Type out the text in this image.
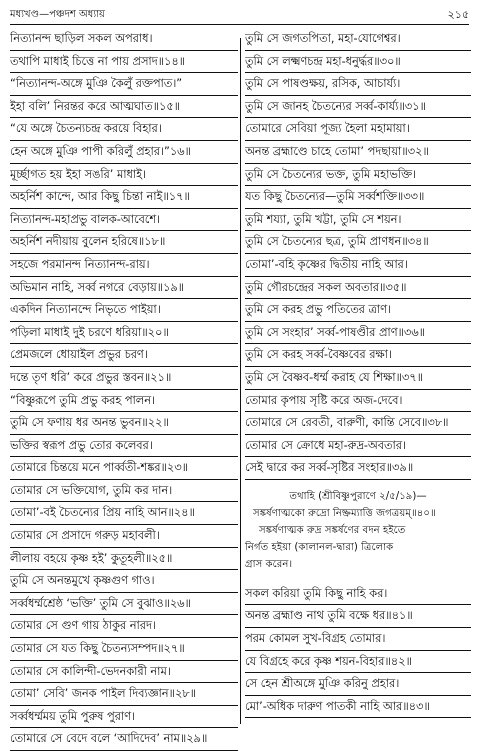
মধ্যখণ্ড—পঞ্চদশ অধ্যায়	২১৫
নিত্যানন্দ ছাড়িল সকল অপরাধ।
তথাপি মাধাই চিত্তে না পায় প্রসাদ॥১৪॥
“নিত্যানন্দ-অঙ্গে মুঞি কৈলুঁ রক্তপাত।”
ইহা বলি’ নিরন্তর করে আত্মঘাত॥১৫॥
“যে অঙ্গে চৈতন্যচন্দ্র করয়ে বিহার।
হেন অঙ্গে মুঞি পাপী করিলুঁ প্রহার।”১৬॥
মূর্চ্ছাগত হয় ইহা সঙরি’ মাধাই।
অহর্নিশ কান্দে, আর কিছু চিন্তা নাই॥১৭॥
নিত্যানন্দ-মহাপ্রভু বালক-আবেশে।
অহর্নিশ নদীয়ায় বুলেন হরিষে॥১৮॥
সহজে পরমানন্দ নিত্যানন্দ-রায়।
অভিমান নাহি, সর্ব্ব নগরে বেড়ায়॥১৯॥
একদিন নিত্যানন্দে নিভৃতে পাইয়া।
পড়িলা মাধাই দুই চরণে ধরিয়া॥২০॥
প্রেমজলে ধোয়াইল প্রভুর চরণ।
দন্তে তৃণ ধরি’ করে প্রভুর স্তবন॥২১॥
“বিষ্ণুরূপে তুমি প্রভু করহ পালন।
তুমি সে ফণায় ধর অনন্ত ভুবন॥২২॥
ভক্তির স্বরূপ প্রভু তোর কলেবর।
তোমারে চিন্তয়ে মনে পার্ব্বতী-শঙ্কর॥২৩॥
তোমার সে ভক্তিযোগ, তুমি কর দান।
তোমা’-বই চৈতন্যের প্রিয় নাহি আন॥২৪॥
তোমার সে প্রসাদে গরুড় মহাবলী।
লীলায় বহয়ে কৃষ্ণ হই’ কুতূহলী॥২৫॥
তুমি সে অনন্তমুখে কৃষ্ণগুণ গাও।
সর্ব্বধর্ম্মশ্রেষ্ঠ ‘ভক্তি’ তুমি সে বুঝাও॥২৬॥
তোমার সে গুণ গায় ঠাকুর নারদ।
তোমার সে যত কিছু চৈতন্যসম্পদ॥২৭॥
তোমার সে কালিন্দী-ভেদনকারী নাম।
তোমা’ সেবি’ জনক পাইল দিব্যজ্ঞান॥২৮॥
সর্ব্বধর্ম্মময় তুমি পুরুষ পুরাণ।
তোমারে সে বেদে বলে ‘আদিদেব’ নাম॥২৯॥
তুমি সে জগতপিতা, মহা-যোগেশ্বর।
তুমি সে লক্ষ্মণচন্দ্র মহা-ধনুর্দ্ধর॥৩০॥
তুমি সে পাষণ্ডক্ষয়, রসিক, আচার্য্য।
তুমি সে জানহ চৈতন্যের সর্ব্ব-কার্য্য॥৩১॥
তোমারে সেবিয়া পূজ্য হৈলা মহামায়া।
অনন্ত ব্রহ্মাণ্ডে চাহে তোমা’ পদছায়া॥৩২॥
তুমি সে চৈতন্যের ভক্ত, তুমি মহাভক্তি।
যত কিছু চৈতন্যের—তুমি সর্ব্বশক্তি॥৩৩॥
তুমি শয্যা, তুমি খট্টা, তুমি সে শয়ন।
তুমি সে চৈতন্যের ছত্র, তুমি প্রাণধন॥৩৪॥
তোমা’-বহি কৃষ্ণের দ্বিতীয় নাহি আর।
তুমি গৌরচন্দ্রের সকল অবতার॥৩৫॥
তুমি সে করহ প্রভু পতিতের ত্রাণ।
তুমি সে সংহার’ সর্ব্ব-পাষণ্ডীর প্রাণ॥৩৬॥
তুমি সে করহ সর্ব্ব-বৈষ্ণবের রক্ষা।
তুমি সে বৈষ্ণব-ধর্ম্ম করাহ যে শিক্ষা॥৩৭॥
তোমার কৃপায় সৃষ্টি করে অজ-দেবে।
তোমারে সে রেবতী, বারুণী, কান্তি সেবে॥৩৮॥
তোমার সে ক্রোধে মহা-রুদ্র-অবতার।
সেই দ্বারে কর সর্ব্ব-সৃষ্টির সংহার॥৩৯॥
তথাহি (শ্রীবিষ্ণুপুরাণে ২/৫/১৯)—
সঙ্কর্ষণাত্মকো রুদ্রো নিষ্ক্রম্যাত্তি জগত্রয়ম্॥৪০॥
সঙ্কর্ষণাত্মক রুদ্র সঙ্কর্ষণের বদন হইতে
নির্গত হইয়া (কালানল-দ্বারা) ত্রিলোক
গ্রাস করেন।
সকল করিয়া তুমি কিছু নাহি কর।
অনন্ত ব্রহ্মাণ্ড নাথ তুমি বক্ষে ধর॥৪১॥
পরম কোমল সুখ-বিগ্রহ তোমার।
যে বিগ্রহে করে কৃষ্ণ শয়ন-বিহার॥৪২॥
সে হেন শ্রীঅঙ্গে মুঞি করিনু প্রহার।
মো’-অধিক দারুণ পাতকী নাহি আর॥৪৩॥
